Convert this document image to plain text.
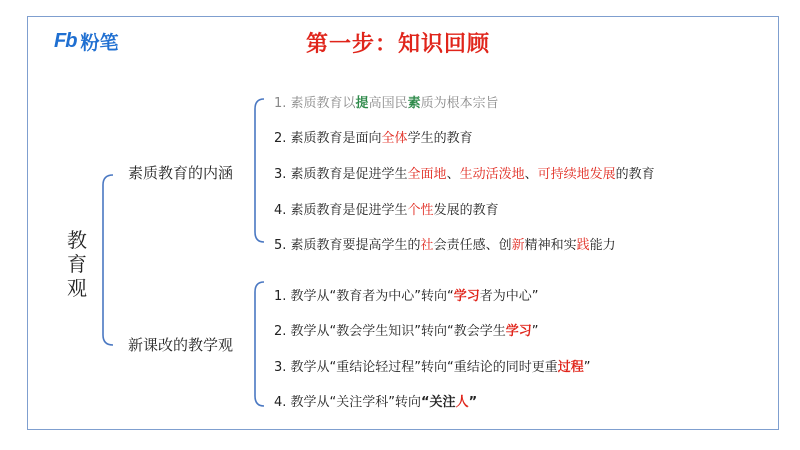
Fb 粉笔	第一步：知识回顾
教育观
素质教育的内涵
新课改的教学观
1. 素质教育以提高国民素质为根本宗旨
2. 素质教育是面向全体学生的教育
3. 素质教育是促进学生全面地、生动活泼地、可持续地发展的教育
4. 素质教育是促进学生个性发展的教育
5. 素质教育要提高学生的社会责任感、创新精神和实践能力
1. 教学从“教育者为中心”转向“学习者为中心”
2. 教学从“教会学生知识”转向“教会学生学习”
3. 教学从“重结论轻过程”转向“重结论的同时更重过程”
4. 教学从“关注学科”转向“关注人”
